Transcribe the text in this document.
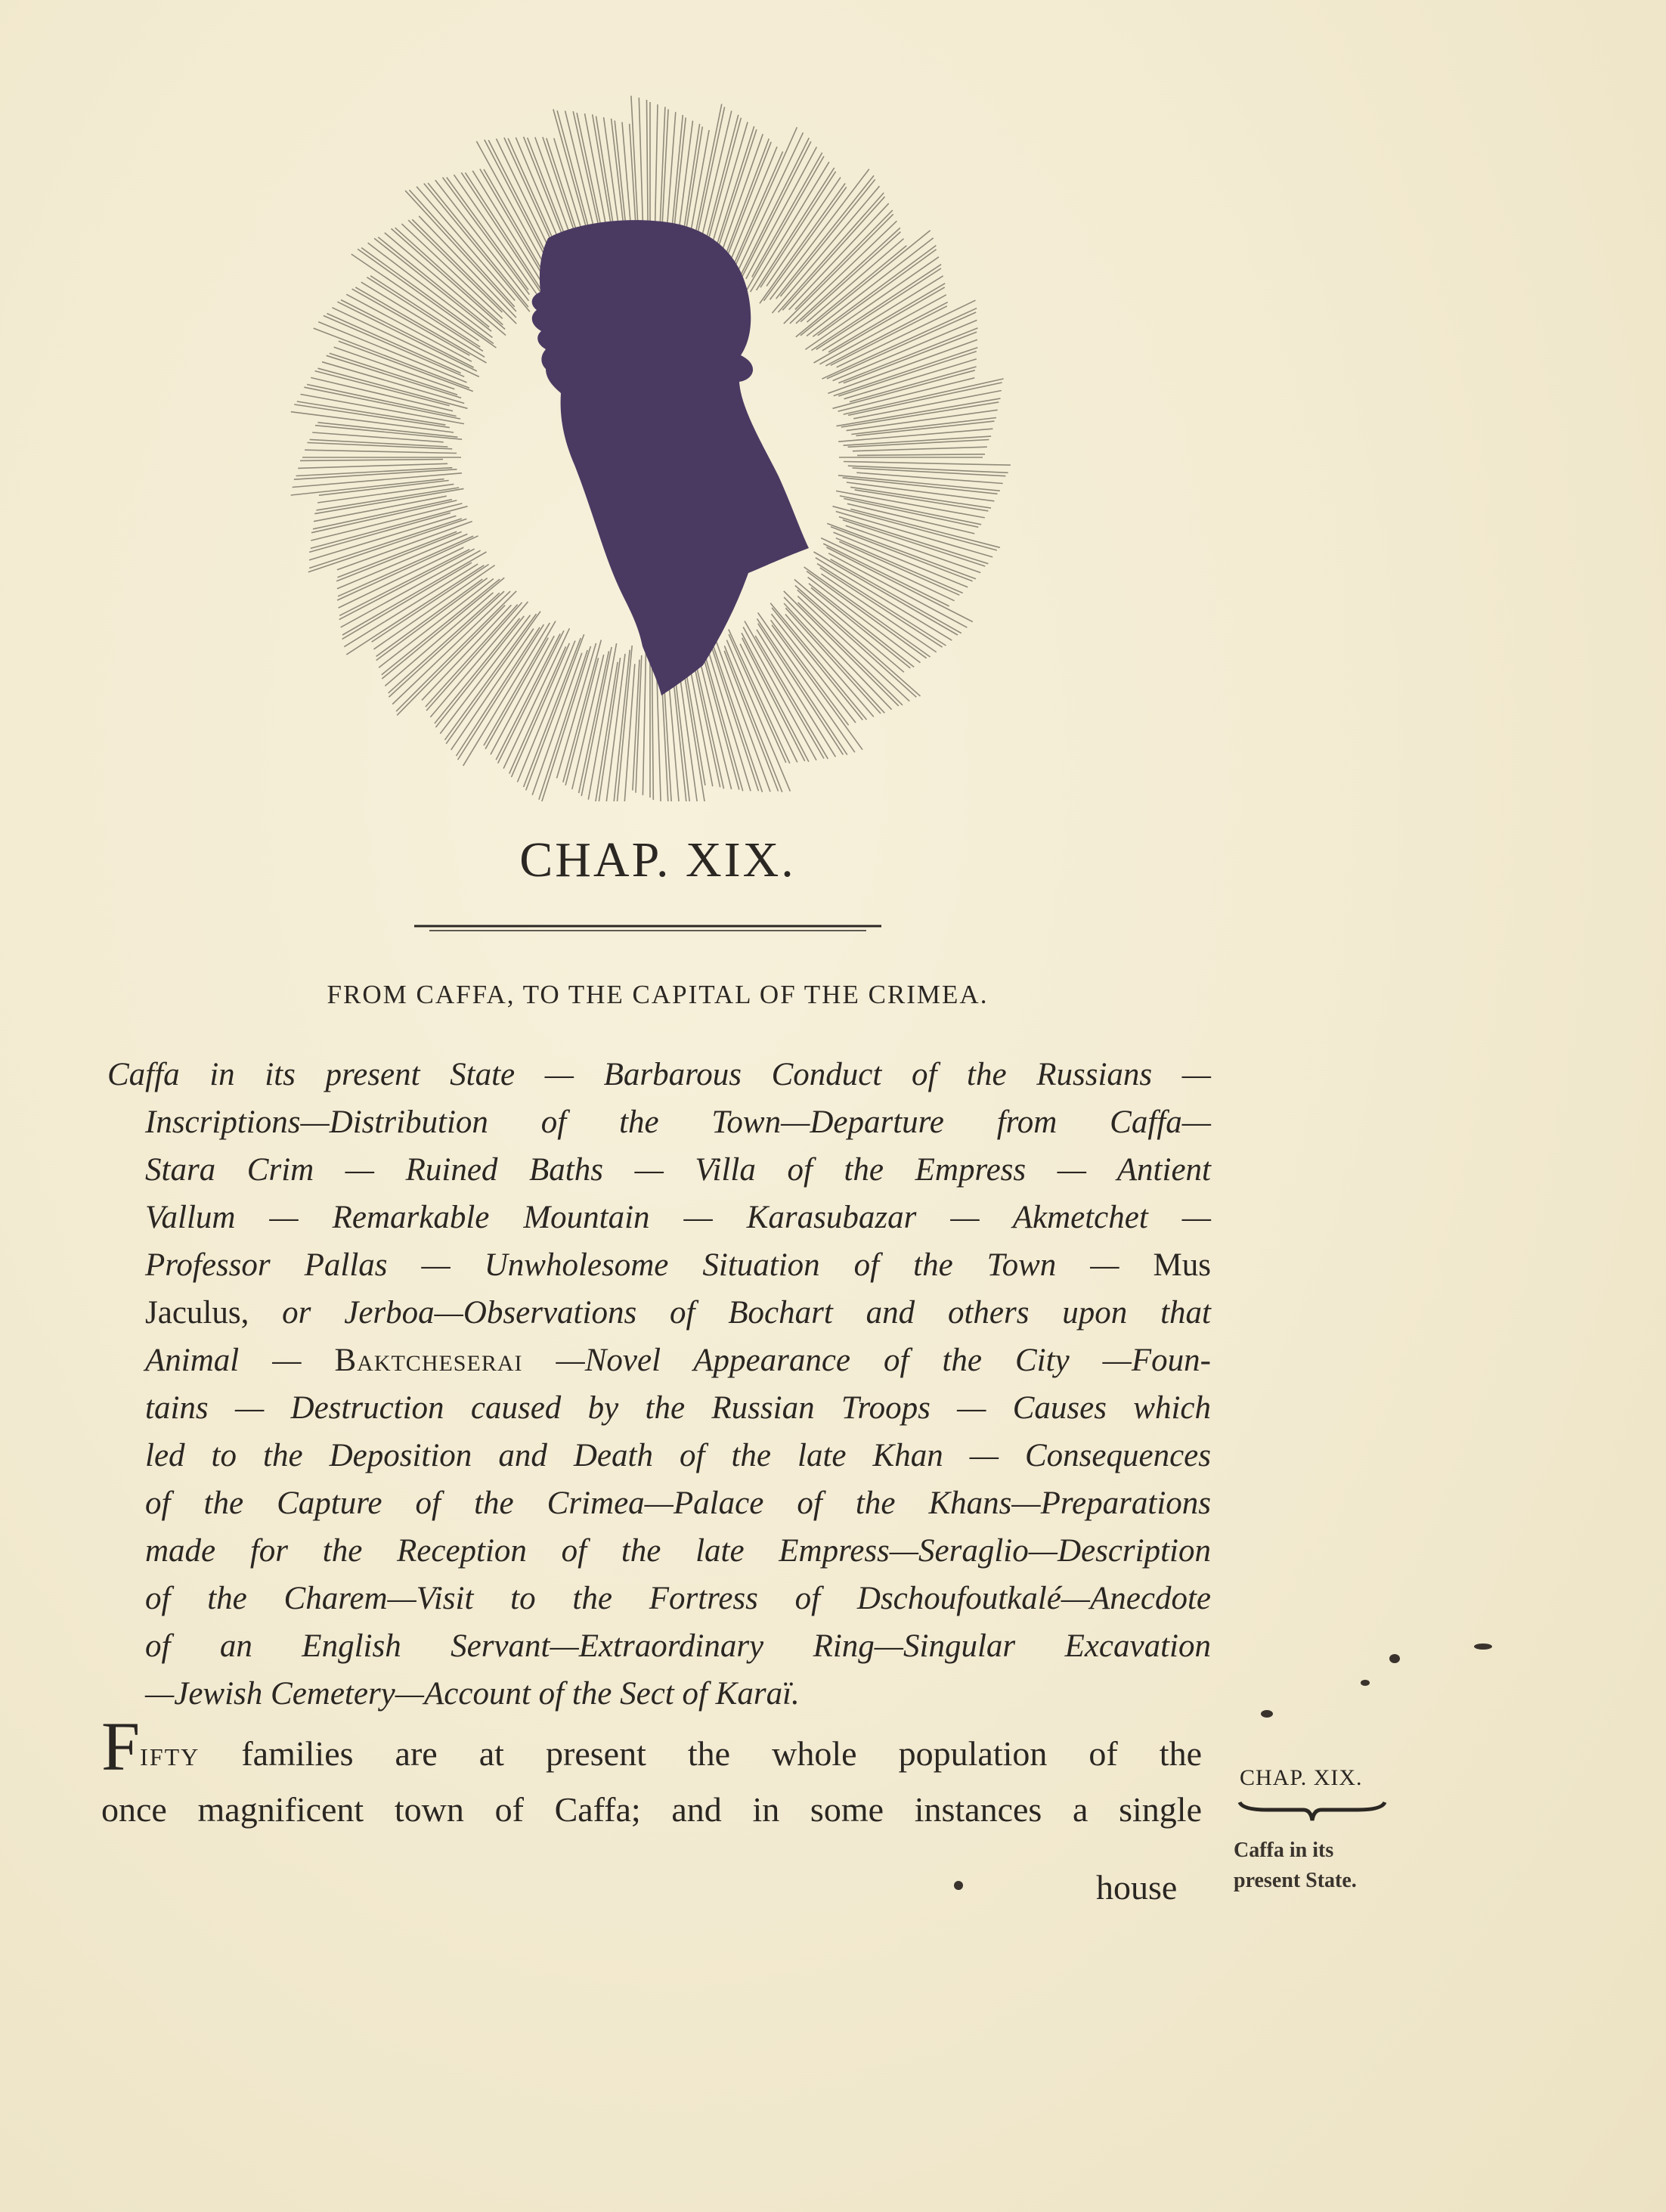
CHAP. XIX.
FROM CAFFA, TO THE CAPITAL OF THE CRIMEA.
Caffa in its present State — Barbarous Conduct of the Russians —
Inscriptions—Distribution of the Town—Departure from Caffa—
Stara Crim — Ruined Baths — Villa of the Empress — Antient
Vallum — Remarkable Mountain — Karasubazar — Akmetchet —
Professor Pallas — Unwholesome Situation of the Town — Mus
Jaculus, or Jerboa—Observations of Bochart and others upon that
Animal — Baktcheserai —Novel Appearance of the City —Foun-
tains — Destruction caused by the Russian Troops — Causes which
led to the Deposition and Death of the late Khan — Consequences
of the Capture of the Crimea—Palace of the Khans—Preparations
made for the Reception of the late Empress—Seraglio—Description
of the Charem—Visit to the Fortress of Dschoufoutkalé—Anecdote
of an English Servant—Extraordinary Ring—Singular Excavation
—Jewish Cemetery—Account of the Sect of Karaï.
Fifty families are at present the whole population of the
once magnificent town of Caffa; and in some instances a single
house
CHAP. XIX.
Caffa in its
present State.
